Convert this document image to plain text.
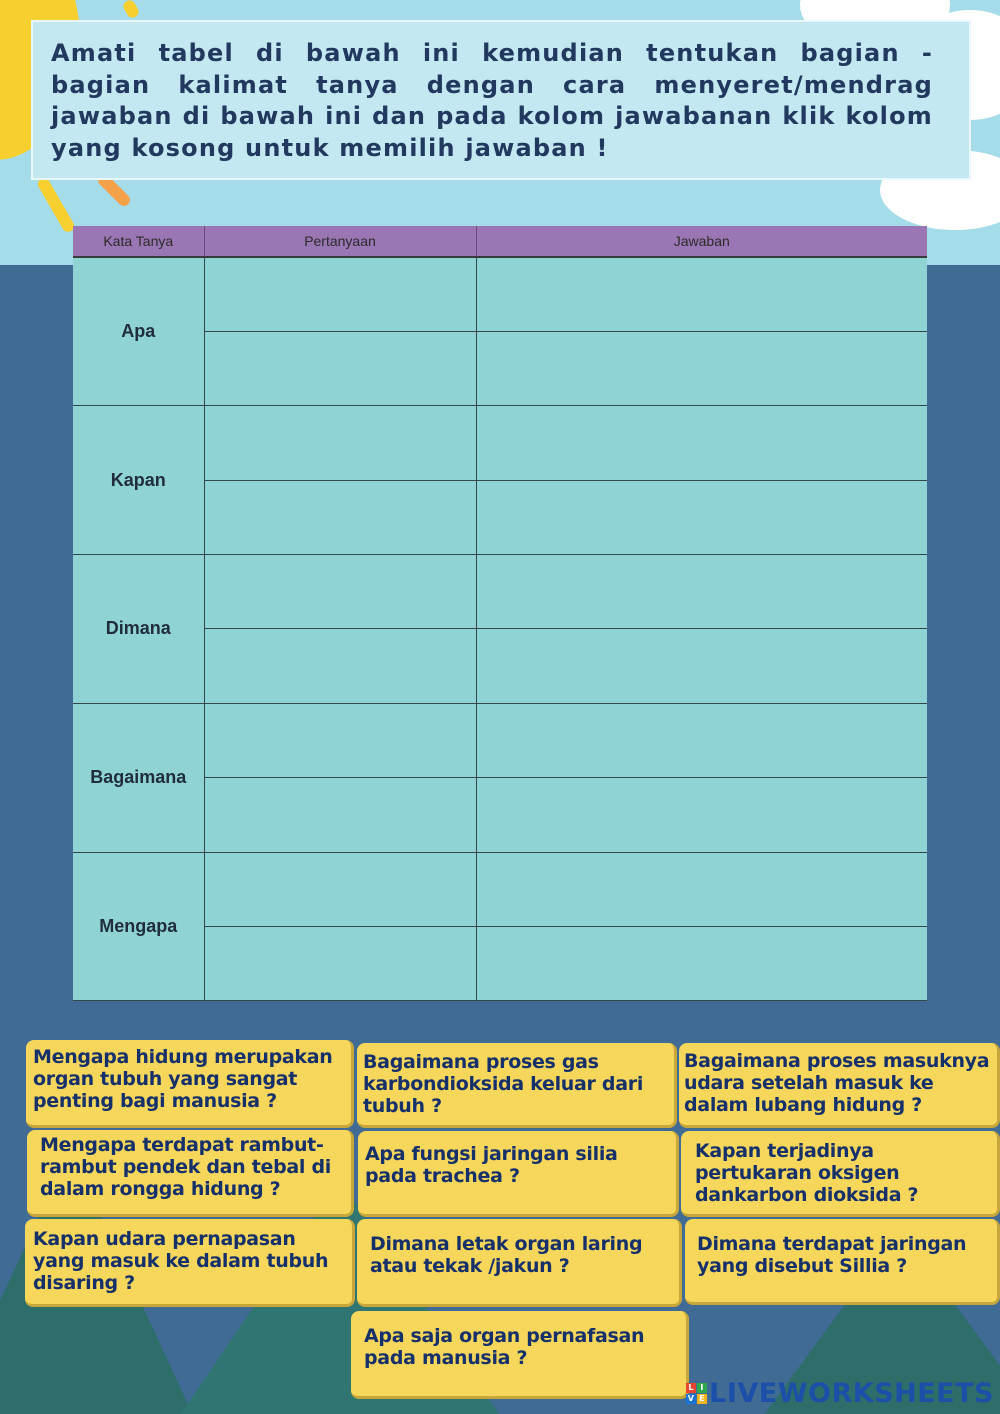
Amati tabel di bawah ini kemudian tentukan bagian - bagian kalimat tanya dengan cara menyeret/mendrag jawaban di bawah ini dan pada kolom jawabanan klik kolom yang kosong untuk memilih jawaban !

Kata Tanya	Pertanyaan	Jawaban
Apa		

Kapan		

Dimana		

Bagaimana		

Mengapa		

Mengapa hidung merupakan organ tubuh yang sangat penting bagi manusia ?
Bagaimana proses gas karbondioksida keluar dari tubuh ?
Bagaimana proses masuknya udara setelah masuk ke dalam lubang hidung ?
Mengapa terdapat rambut-rambut pendek dan tebal di dalam rongga hidung ?
Apa fungsi jaringan silia pada trachea ?
Kapan terjadinya pertukaran oksigen dankarbon dioksida ?
Kapan udara pernapasan yang masuk ke dalam tubuh disaring ?
Dimana letak organ laring atau tekak /jakun ?
Dimana terdapat jaringan yang disebut Sillia ?
Apa saja organ pernafasan pada manusia ?
L I
V E LIVEWORKSHEETS
